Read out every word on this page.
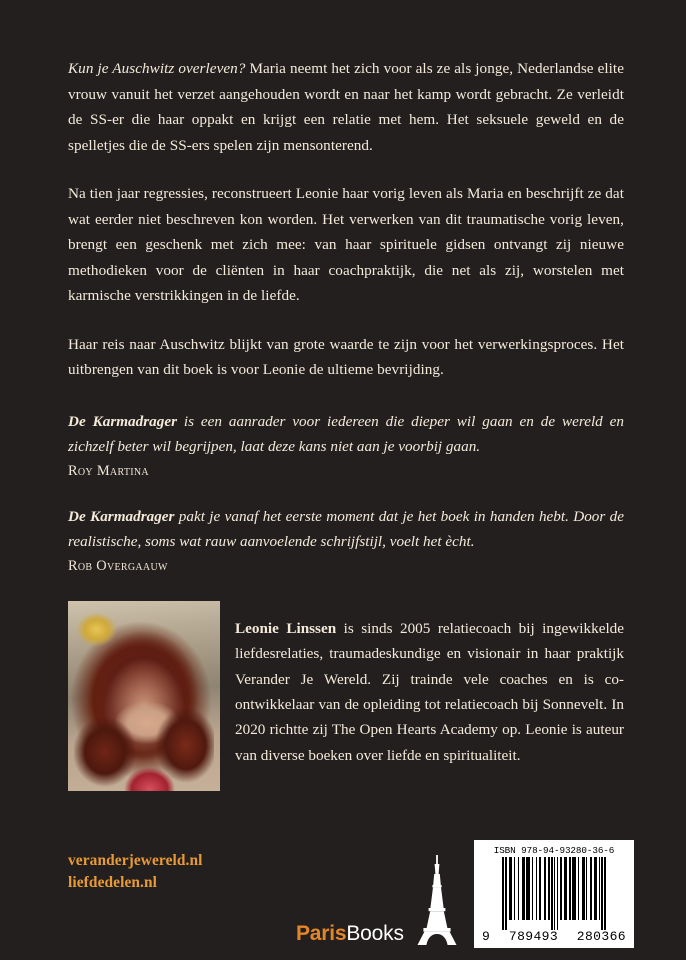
Kun je Auschwitz overleven? Maria neemt het zich voor als ze als jonge, Nederlandse elite vrouw vanuit het verzet aangehouden wordt en naar het kamp wordt gebracht. Ze verleidt de SS-er die haar oppakt en krijgt een relatie met hem. Het seksuele geweld en de spelletjes die de SS-ers spelen zijn mensonterend.

Na tien jaar regressies, reconstrueert Leonie haar vorig leven als Maria en beschrijft ze dat wat eerder niet beschreven kon worden. Het verwerken van dit traumatische vorig leven, brengt een geschenk met zich mee: van haar spirituele gidsen ontvangt zij nieuwe methodieken voor de cliënten in haar coachpraktijk, die net als zij, worstelen met karmische verstrikkingen in de liefde.

Haar reis naar Auschwitz blijkt van grote waarde te zijn voor het verwerkingsproces. Het uitbrengen van dit boek is voor Leonie de ultieme bevrijding.

De Karmadrager is een aanrader voor iedereen die dieper wil gaan en de wereld en zichzelf beter wil begrijpen, laat deze kans niet aan je voorbij gaan.

Roy Martina

De Karmadrager pakt je vanaf het eerste moment dat je het boek in handen hebt. Door de realistische, soms wat rauw aanvoelende schrijfstijl, voelt het ècht.

Rob Overgaauw

Leonie Linssen is sinds 2005 relatiecoach bij ingewikkelde liefdesrelaties, traumadeskundige en visionair in haar praktijk Verander Je Wereld. Zij trainde vele coaches en is co-ontwikkelaar van de opleiding tot relatiecoach bij Sonnevelt. In 2020 richtte zij The Open Hearts Academy op. Leonie is auteur van diverse boeken over liefde en spiritualiteit.

veranderjewereld.nl
liefdedelen.nl
ParisBooks
ISBN 978-94-93280-36-6
9 789493 280366
